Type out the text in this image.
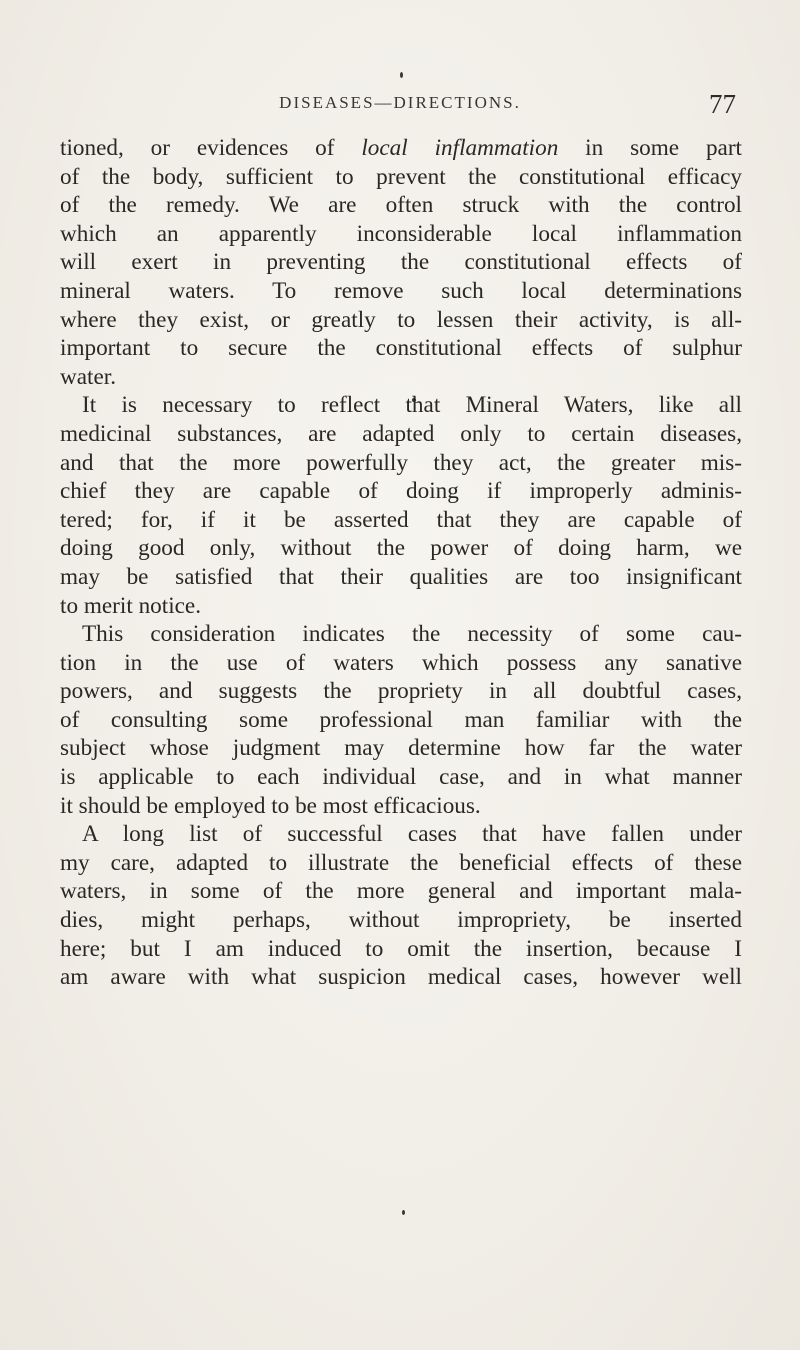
DISEASES—DIRECTIONS.	77
tioned, or evidences of local inflammation in some part
of the body, sufficient to prevent the constitutional efficacy
of the remedy. We are often struck with the control
which an apparently inconsiderable local inflammation
will exert in preventing the constitutional effects of
mineral waters. To remove such local determinations
where they exist, or greatly to lessen their activity, is all-
important to secure the constitutional effects of sulphur
water.
It is necessary to reflect that Mineral Waters, like all
medicinal substances, are adapted only to certain diseases,
and that the more powerfully they act, the greater mis-
chief they are capable of doing if improperly adminis-
tered; for, if it be asserted that they are capable of
doing good only, without the power of doing harm, we
may be satisfied that their qualities are too insignificant
to merit notice.
This consideration indicates the necessity of some cau-
tion in the use of waters which possess any sanative
powers, and suggests the propriety in all doubtful cases,
of consulting some professional man familiar with the
subject whose judgment may determine how far the water
is applicable to each individual case, and in what manner
it should be employed to be most efficacious.
A long list of successful cases that have fallen under
my care, adapted to illustrate the beneficial effects of these
waters, in some of the more general and important mala-
dies, might perhaps, without impropriety, be inserted
here; but I am induced to omit the insertion, because I
am aware with what suspicion medical cases, however well
